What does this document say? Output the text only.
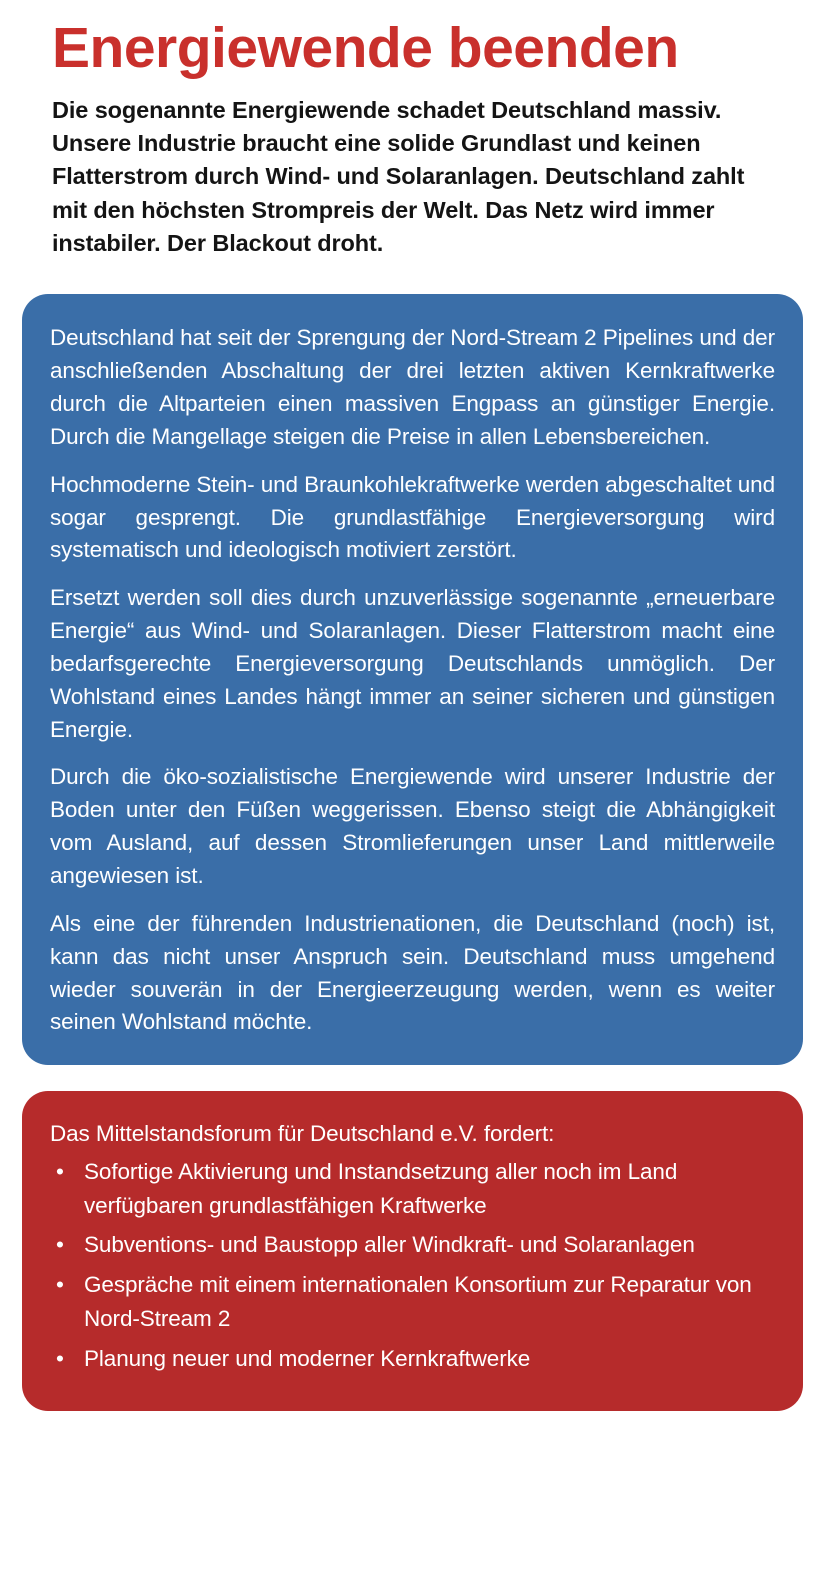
Energiewende beenden

Die sogenannte Energiewende schadet Deutschland massiv. Unsere Industrie braucht eine solide Grundlast und keinen Flatterstrom durch Wind- und Solaranlagen. Deutschland zahlt mit den höchsten Strompreis der Welt. Das Netz wird immer instabiler. Der Blackout droht.

Deutschland hat seit der Sprengung der Nord-Stream 2 Pipelines und der anschließenden Abschaltung der drei letzten aktiven Kernkraftwerke durch die Altparteien einen massiven Engpass an günstiger Energie. Durch die Mangellage steigen die Preise in allen Lebensbereichen.

Hochmoderne Stein- und Braunkohlekraftwerke werden abgeschaltet und sogar gesprengt. Die grundlastfähige Energieversorgung wird systematisch und ideologisch motiviert zerstört.

Ersetzt werden soll dies durch unzuverlässige sogenannte „erneuerbare Energie“ aus Wind- und Solaranlagen. Dieser Flatterstrom macht eine bedarfsgerechte Energieversorgung Deutschlands unmöglich. Der Wohlstand eines Landes hängt immer an seiner sicheren und günstigen Energie.

Durch die öko-sozialistische Energiewende wird unserer Industrie der Boden unter den Füßen weggerissen. Ebenso steigt die Abhängigkeit vom Ausland, auf dessen Stromlieferungen unser Land mittlerweile angewiesen ist.

Als eine der führenden Industrienationen, die Deutschland (noch) ist, kann das nicht unser Anspruch sein. Deutschland muss umgehend wieder souverän in der Energieerzeugung werden, wenn es weiter seinen Wohlstand möchte.

Das Mittelstandsforum für Deutschland e.V. fordert:

• Sofortige Aktivierung und Instandsetzung aller noch im Land verfügbaren grundlastfähigen Kraftwerke
• Subventions- und Baustopp aller Windkraft- und Solaranlagen
• Gespräche mit einem internationalen Konsortium zur Reparatur von Nord-Stream 2
• Planung neuer und moderner Kernkraftwerke
